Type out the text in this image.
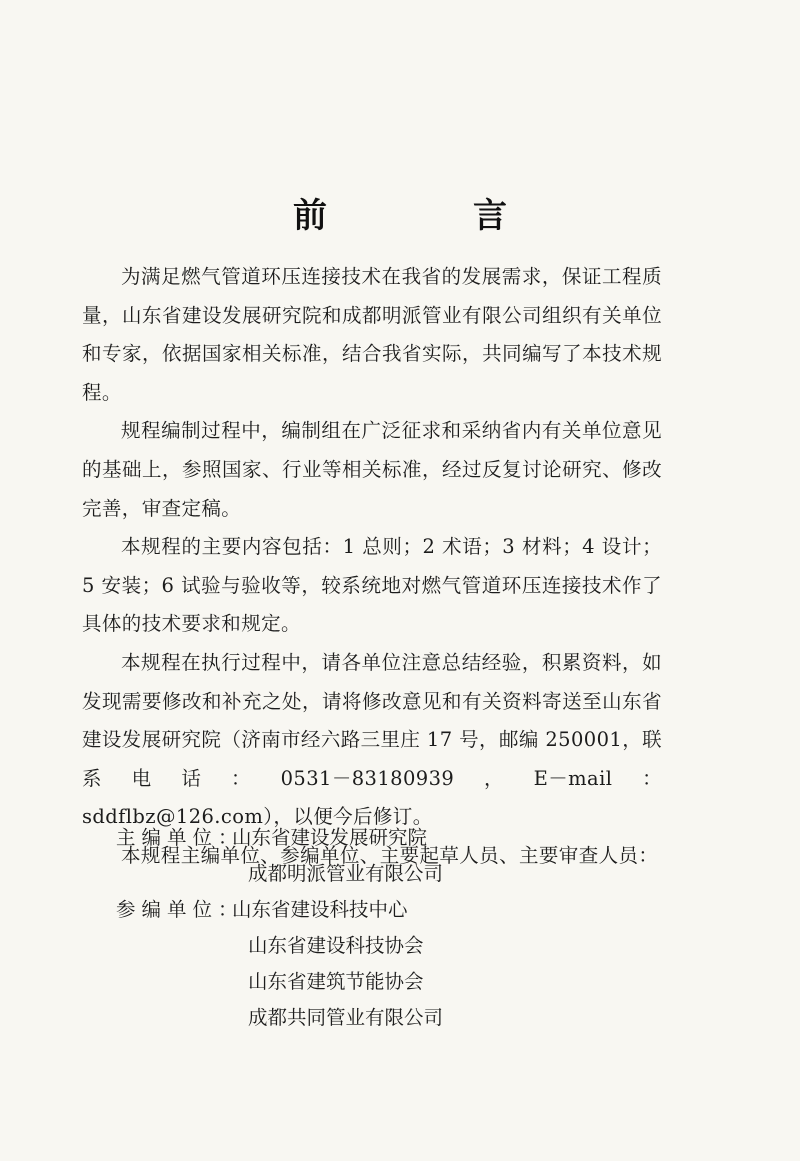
前　言

为满足燃气管道环压连接技术在我省的发展需求，保证工程质量，山东省建设发展研究院和成都明派管业有限公司组织有关单位和专家，依据国家相关标准，结合我省实际，共同编写了本技术规程。

规程编制过程中，编制组在广泛征求和采纳省内有关单位意见的基础上，参照国家、行业等相关标准，经过反复讨论研究、修改完善，审查定稿。

本规程的主要内容包括：1 总则；2 术语；3 材料；4 设计；5 安装；6 试验与验收等，较系统地对燃气管道环压连接技术作了具体的技术要求和规定。

本规程在执行过程中，请各单位注意总结经验，积累资料，如发现需要修改和补充之处，请将修改意见和有关资料寄送至山东省建设发展研究院（济南市经六路三里庄 17 号，邮编 250001，联系电话：0531－83180939，E－mail：sddflbz@126.com），以便今后修订。

本规程主编单位、参编单位、主要起草人员、主要审查人员：

主编单位：
山东省建设发展研究院
成都明派管业有限公司
参编单位：
山东省建设科技中心
山东省建设科技协会
山东省建筑节能协会
成都共同管业有限公司
